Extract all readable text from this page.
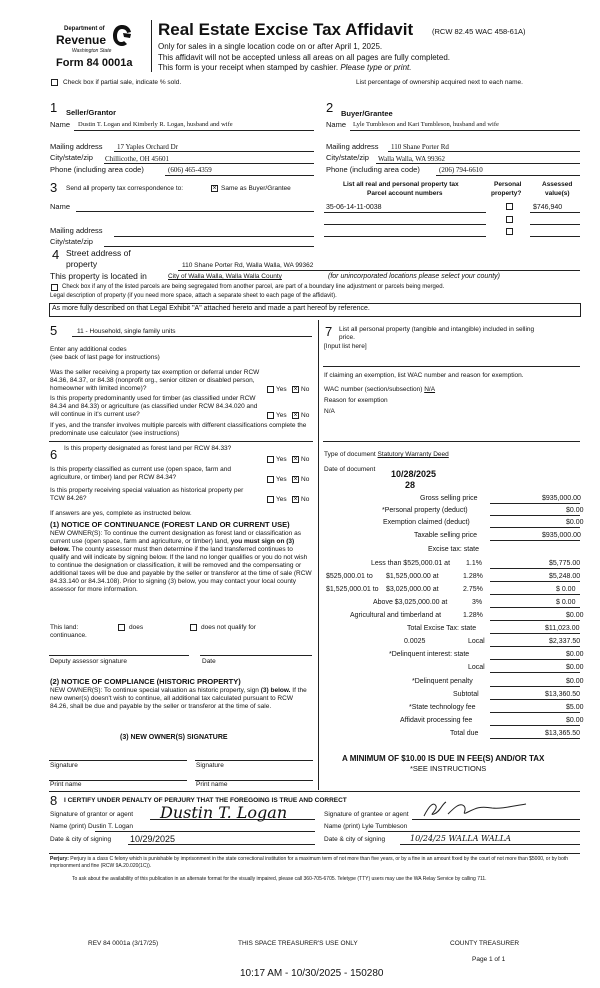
Department of
Revenue
Washington State
Form 84 0001a
Real Estate Excise Tax Affidavit	(RCW 82.45 WAC 458-61A)
Only for sales in a single location code on or after April 1, 2025.
This affidavit will not be accepted unless all areas on all pages are fully completed.
This form is your receipt when stamped by cashier. Please type or print.
Check box if partial sale, indicate % sold.	List percentage of ownership acquired next to each name.
1 Seller/Grantor
Name Dustin T. Logan and Kimberly R. Logan, husband and wife
Mailing address 17 Yaples Orchard Dr
City/state/zip Chillicothe, OH 45601
Phone (including area code)	(606) 465-4359
2 Buyer/Grantee
Name Lyle Tumbleson and Kari Tumbleson, husband and wife
Mailing address 110 Shane Porter Rd
City/state/zip Walla Walla, WA 99362
Phone (including area code)	(206) 794-6610
3 Send all property tax correspondence to:	× Same as Buyer/Grantee
Name
Mailing address
City/state/zip
List all real and personal property tax
Parcel account numbers
Personal
property?
Assessed
value(s)
35-06-14-11-0038	$746,940
4 Street address of
property	110 Shane Porter Rd, Walla Walla, WA 99362
This property is located in	City of Walla Walla, Walla Walla County	(for unincorporated locations please select your county)
Check box if any of the listed parcels are being segregated from another parcel, are part of a boundary line adjustment or parcels being merged.
Legal description of property (if you need more space, attach a separate sheet to each page of the affidavit).
As more fully described on that Legal Exhibit "A" attached hereto and made a part hereof by reference.
5	11 - Household, single family units
Enter any additional codes
(see back of last page for instructions)
Was the seller receiving a property tax exemption or deferral under RCW 84.36, 84.37, or 84.38 (nonprofit org., senior citizen or disabled person, homeowner with limited income)?	Yes × No
Is this property predominantly used for timber (as classified under RCW 84.34 and 84.33) or agriculture (as classified under RCW 84.34.020 and will continue in it's current use?	Yes × No
If yes, and the transfer involves multiple parcels with different classifications complete the predominate use calculator (see instructions)
6 Is this property designated as forest land per RCW 84.33?
Yes × No
Is this property classified as current use (open space, farm and agriculture, or timber) land per RCW 84.34?	Yes × No
Is this property receiving special valuation as historical property per TCW 84.26?	Yes × No
If answers are yes, complete as instructed below.
(1) NOTICE OF CONTINUANCE (FOREST LAND OR CURRENT USE)
NEW OWNER(S): To continue the current designation as forest land or classification as current use (open space, farm and agriculture, or timber) land, you must sign on (3) below. The county assessor must then determine if the land transferred continues to qualify and will indicate by signing below. If the land no longer qualifies or you do not wish to continue the designation or classification, it will be removed and the compensating or additional taxes will be due and payable by the seller or transferor at the time of sale (RCW 84.33.140 or 84.34.108). Prior to signing (3) below, you may contact your local county assessor for more information.
This land:
continuance.
does	does not qualify for
Deputy assessor signature	Date
(2) NOTICE OF COMPLIANCE (HISTORIC PROPERTY)
NEW OWNER(S): To continue special valuation as historic property, sign (3) below. If the new owner(s) doesn't wish to continue, all additional tax calculated pursuant to RCW 84.26, shall be due and payable by the seller or transferor at the time of sale.
(3) NEW OWNER(S) SIGNATURE
Signature	Signature
Print name	Print name
7 List all personal property (tangible and intangible) included in selling
price.
[Input list here]
If claiming an exemption, list WAC number and reason for exemption.
WAC number (section/subsection) N/A
Reason for exemption
N/A
Type of document Statutory Warranty Deed
Date of document 10/28/2025
28
Gross selling price	$935,000.00
*Personal property (deduct)	$0.00
Exemption claimed (deduct)	$0.00
Taxable selling price	$935,000.00
Excise tax: state
Less than $525,000.01 at 1.1%	$5,775.00
$525,000.01 to $1,525,000.00 at	1.28%	$5,248.00
$1,525,000.01 to $3,025,000.00 at	2.75%	$ 0.00
Above $3,025,000.00 at	3%	$ 0.00
Agricultural and timberland at	1.28%	$0.00
Total Excise Tax: state	$11,023.00
0.0025	Local	$2,337.50
*Delinquent interest: state	$0.00
Local	$0.00
*Delinquent penalty	$0.00
Subtotal	$13,360.50
*State technology fee	$5.00
Affidavit processing fee	$0.00
Total due	$13,365.50
A MINIMUM OF $10.00 IS DUE IN FEE(S) AND/OR TAX
*SEE INSTRUCTIONS
8 I CERTIFY UNDER PENALTY OF PERJURY THAT THE FOREGOING IS TRUE AND CORRECT
Signature of grantor or agent Dustin T. Logan
Name (print) Dustin T. Logan
Date & city of signing 10/29/2025
Signature of grantee or agent
Name (print) Lyle Tumbleson
Date & city of signing	10/24/25 WALLA WALLA
Perjury: Perjury is a class C felony which is punishable by imprisonment in the state correctional institution for a maximum term of not more than five years, or by a fine in an amount fixed by the court of not more than $5000, or by both imprisonment and fine (RCW 9A.20.020(1C)).
To ask about the availability of this publication in an alternate format for the visually impaired, please call 360-705-6705. Teletype (TTY) users may use the WA Relay Service by calling 711.
REV 84 0001a (3/17/25)	THIS SPACE TREASURER'S USE ONLY	COUNTY TREASURER
Page 1 of 1
10:17 AM - 10/30/2025 - 150280
